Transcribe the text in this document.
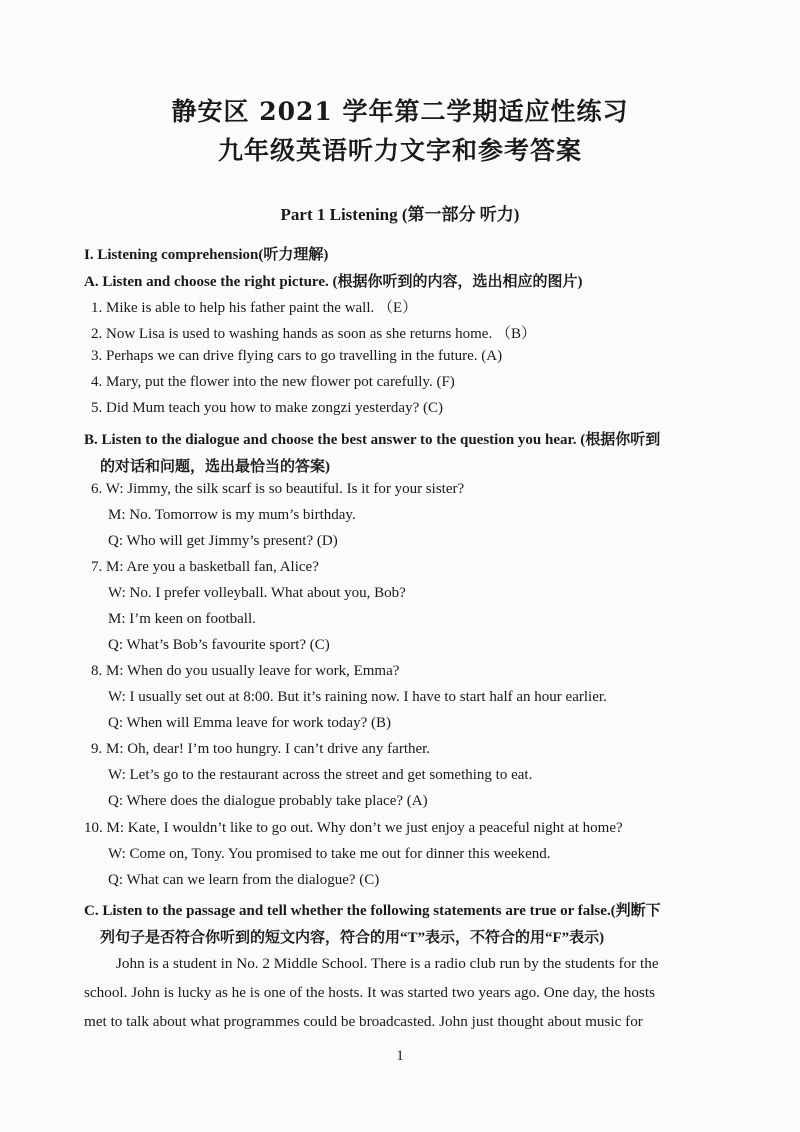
静安区 2021 学年第二学期适应性练习
九年级英语听力文字和参考答案
Part 1 Listening (第一部分 听力)
I. Listening comprehension(听力理解)
A. Listen and choose the right picture. (根据你听到的内容，选出相应的图片)
1. Mike is able to help his father paint the wall. （E）
2. Now Lisa is used to washing hands as soon as she returns home. （B）
3. Perhaps we can drive flying cars to go travelling in the future. (A)
4. Mary, put the flower into the new flower pot carefully. (F)
5. Did Mum teach you how to make zongzi yesterday? (C)
B. Listen to the dialogue and choose the best answer to the question you hear. (根据你听到
的对话和问题，选出最恰当的答案)
6. W: Jimmy, the silk scarf is so beautiful. Is it for your sister?
M: No. Tomorrow is my mum’s birthday.
Q: Who will get Jimmy’s present? (D)
7. M: Are you a basketball fan, Alice?
W: No. I prefer volleyball. What about you, Bob?
M: I’m keen on football.
Q: What’s Bob’s favourite sport? (C)
8. M: When do you usually leave for work, Emma?
W: I usually set out at 8:00. But it’s raining now. I have to start half an hour earlier.
Q: When will Emma leave for work today? (B)
9. M: Oh, dear! I’m too hungry. I can’t drive any farther.
W: Let’s go to the restaurant across the street and get something to eat.
Q: Where does the dialogue probably take place? (A)
10. M: Kate, I wouldn’t like to go out. Why don’t we just enjoy a peaceful night at home?
W: Come on, Tony. You promised to take me out for dinner this weekend.
Q: What can we learn from the dialogue? (C)
C. Listen to the passage and tell whether the following statements are true or false.(判断下
列句子是否符合你听到的短文内容，符合的用“T”表示，不符合的用“F”表示)
John is a student in No. 2 Middle School. There is a radio club run by the students for the
school. John is lucky as he is one of the hosts. It was started two years ago. One day, the hosts
met to talk about what programmes could be broadcasted. John just thought about music for
1
